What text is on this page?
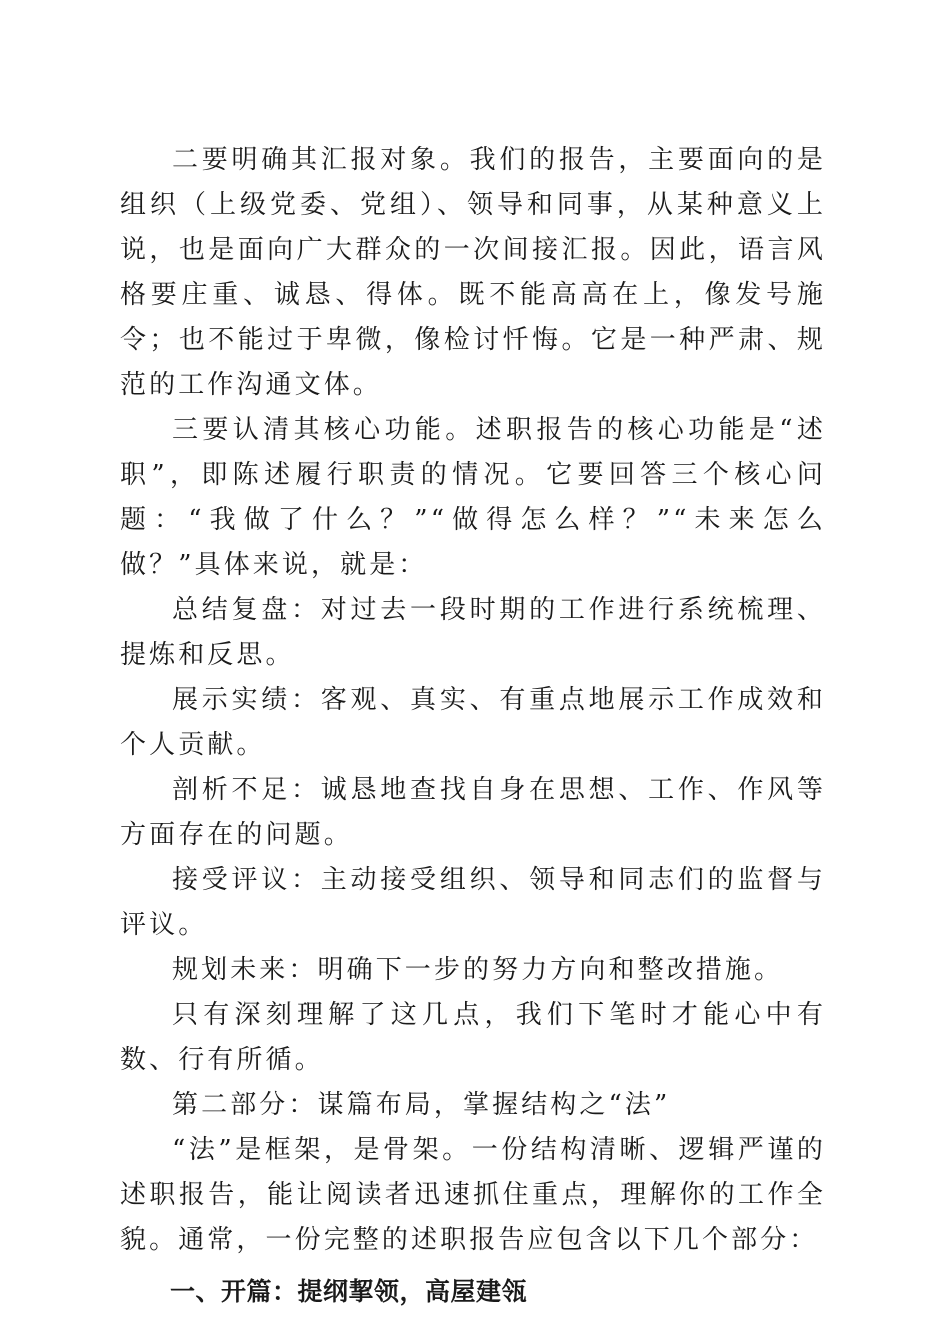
二要明确其汇报对象。我们的报告，主要面向的是组织（上级党委、党组）、领导和同事，从某种意义上说，也是面向广大群众的一次间接汇报。因此，语言风格要庄重、诚恳、得体。既不能高高在上，像发号施令；也不能过于卑微，像检讨忏悔。它是一种严肃、规范的工作沟通文体。

三要认清其核心功能。述职报告的核心功能是“述职”，即陈述履行职责的情况。它要回答三个核心问题：“我做了什么？”“做得怎么样？”“未来怎么做？”具体来说，就是：

总结复盘：对过去一段时期的工作进行系统梳理、提炼和反思。

展示实绩：客观、真实、有重点地展示工作成效和个人贡献。

剖析不足：诚恳地查找自身在思想、工作、作风等方面存在的问题。

接受评议：主动接受组织、领导和同志们的监督与评议。

规划未来：明确下一步的努力方向和整改措施。

只有深刻理解了这几点，我们下笔时才能心中有数、行有所循。

第二部分：谋篇布局，掌握结构之“法”

“法”是框架，是骨架。一份结构清晰、逻辑严谨的述职报告，能让阅读者迅速抓住重点，理解你的工作全貌。通常，一份完整的述职报告应包含以下几个部分：

一、开篇：提纲挈领，高屋建瓴
